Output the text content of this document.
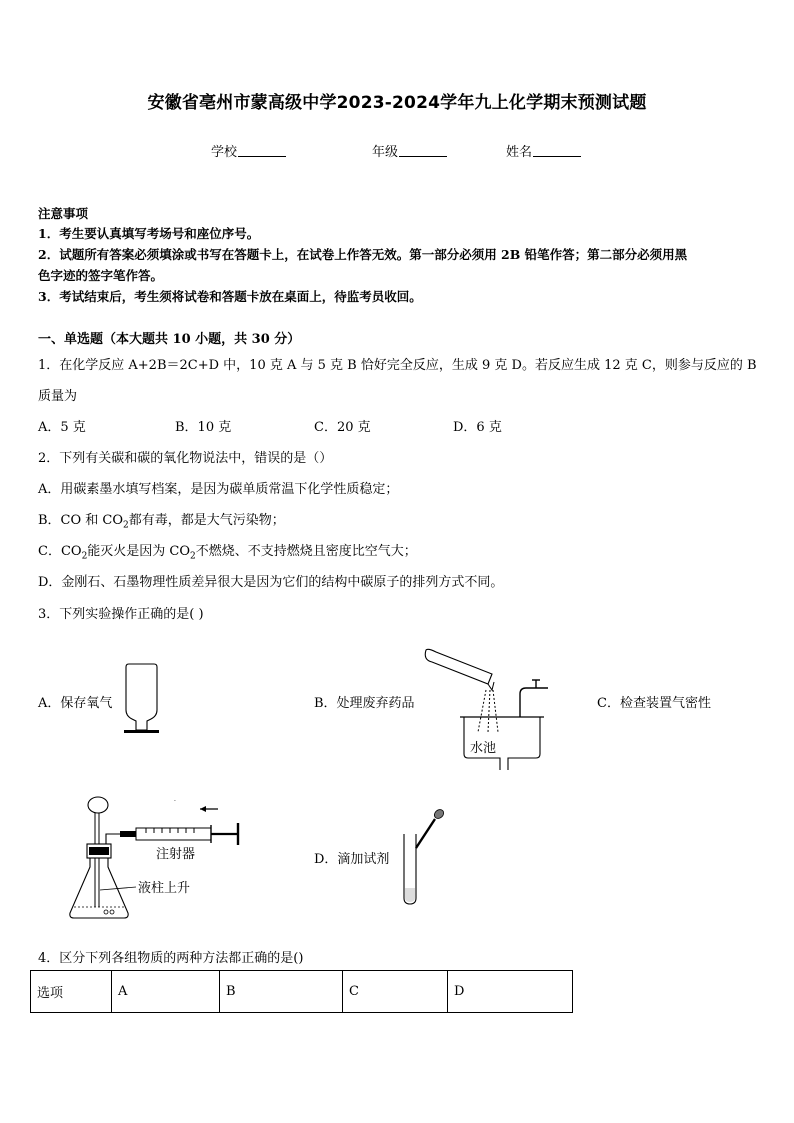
安徽省亳州市蒙高级中学2023-2024学年九上化学期末预测试题
学校	年级	姓名
注意事项
1．考生要认真填写考场号和座位序号。
2．试题所有答案必须填涂或书写在答题卡上，在试卷上作答无效。第一部分必须用 2B 铅笔作答；第二部分必须用黑
色字迹的签字笔作答。
3．考试结束后，考生须将试卷和答题卡放在桌面上，待监考员收回。
一、单选题（本大题共 10 小题，共 30 分）
1．在化学反应 A+2B＝2C+D 中，10 克 A 与 5 克 B 恰好完全反应，生成 9 克 D。若反应生成 12 克 C，则参与反应的 B
质量为
A．5 克	B．10 克	C．20 克	D．6 克
2．下列有关碳和碳的氧化物说法中，错误的是（）
A．用碳素墨水填写档案，是因为碳单质常温下化学性质稳定；
B．CO 和 $CO_2$都有毒，都是大气污染物；
C．$CO_2$能灭火是因为 $CO_2$不燃烧、不支持燃烧且密度比空气大；
D．金刚石、石墨物理性质差异很大是因为它们的结构中碳原子的排列方式不同。
3．下列实验操作正确的是( )
A．保存氧气	B．处理废弃药品	C．检查装置气密性
D．滴加试剂
水池
·
注射器
液柱上升
4．区分下列各组物质的两种方法都正确的是()
选项	A	B	C	D
